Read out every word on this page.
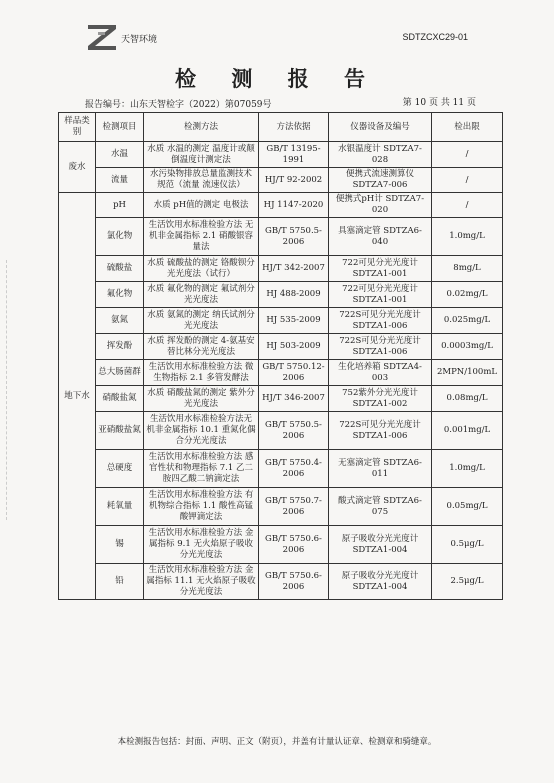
天智环境	SDTZCXC29-01
检 测 报 告
报告编号：山东天智检字（2022）第07059号	第 10 页 共 11 页
样品类别	检测项目	检测方法	方法依据	仪器设备及编号	检出限
废水	水温	水质 水温的测定 温度计或颠倒温度计测定法	GB/T 13195-1991	水银温度计 SDTZA7-028	/
	流量	水污染物排放总量监测技术规范（流量 流速仪法）	HJ/T 92-2002	便携式流速测算仪 SDTZA7-006	/
地下水	pH	水质 pH值的测定 电极法	HJ 1147-2020	便携式pH计 SDTZA7-020	/
	氯化物	生活饮用水标准检验方法 无机非金属指标 2.1 硝酸银容量法	GB/T 5750.5-2006	具塞滴定管 SDTZA6-040	1.0mg/L
	硫酸盐	水质 硫酸盐的测定 铬酸钡分光光度法（试行）	HJ/T 342-2007	722可见分光光度计 SDTZA1-001	8mg/L
	氟化物	水质 氟化物的测定 氟试剂分光光度法	HJ 488-2009	722可见分光光度计 SDTZA1-001	0.02mg/L
	氨氮	水质 氨氮的测定 纳氏试剂分光光度法	HJ 535-2009	722S可见分光光度计 SDTZA1-006	0.025mg/L
	挥发酚	水质 挥发酚的测定 4-氨基安替比林分光光度法	HJ 503-2009	722S可见分光光度计 SDTZA1-006	0.0003mg/L
	总大肠菌群	生活饮用水标准检验方法 微生物指标 2.1 多管发酵法	GB/T 5750.12-2006	生化培养箱 SDTZA4-003	2MPN/100mL
	硝酸盐氮	水质 硝酸盐氮的测定 紫外分光光度法	HJ/T 346-2007	752紫外分光光度计 SDTZA1-002	0.08mg/L
	亚硝酸盐氮	生活饮用水标准检验方法无机非金属指标 10.1 重氮化偶合分光光度法	GB/T 5750.5-2006	722S可见分光光度计 SDTZA1-006	0.001mg/L
	总硬度	生活饮用水标准检验方法 感官性状和物理指标 7.1 乙二胺四乙酸二钠滴定法	GB/T 5750.4-2006	无塞滴定管 SDTZA6-011	1.0mg/L
	耗氧量	生活饮用水标准检验方法 有机物综合指标 1.1 酸性高锰酸钾滴定法	GB/T 5750.7-2006	酸式滴定管 SDTZA6-075	0.05mg/L
	锡	生活饮用水标准检验方法 金属指标 9.1 无火焰原子吸收分光光度法	GB/T 5750.6-2006	原子吸收分光光度计 SDTZA1-004	0.5μg/L
	铅	生活饮用水标准检验方法 金属指标 11.1 无火焰原子吸收分光光度法	GB/T 5750.6-2006	原子吸收分光光度计 SDTZA1-004	2.5μg/L
本检测报告包括：封面、声明、正文（附页），并盖有计量认证章、检测章和骑缝章。
